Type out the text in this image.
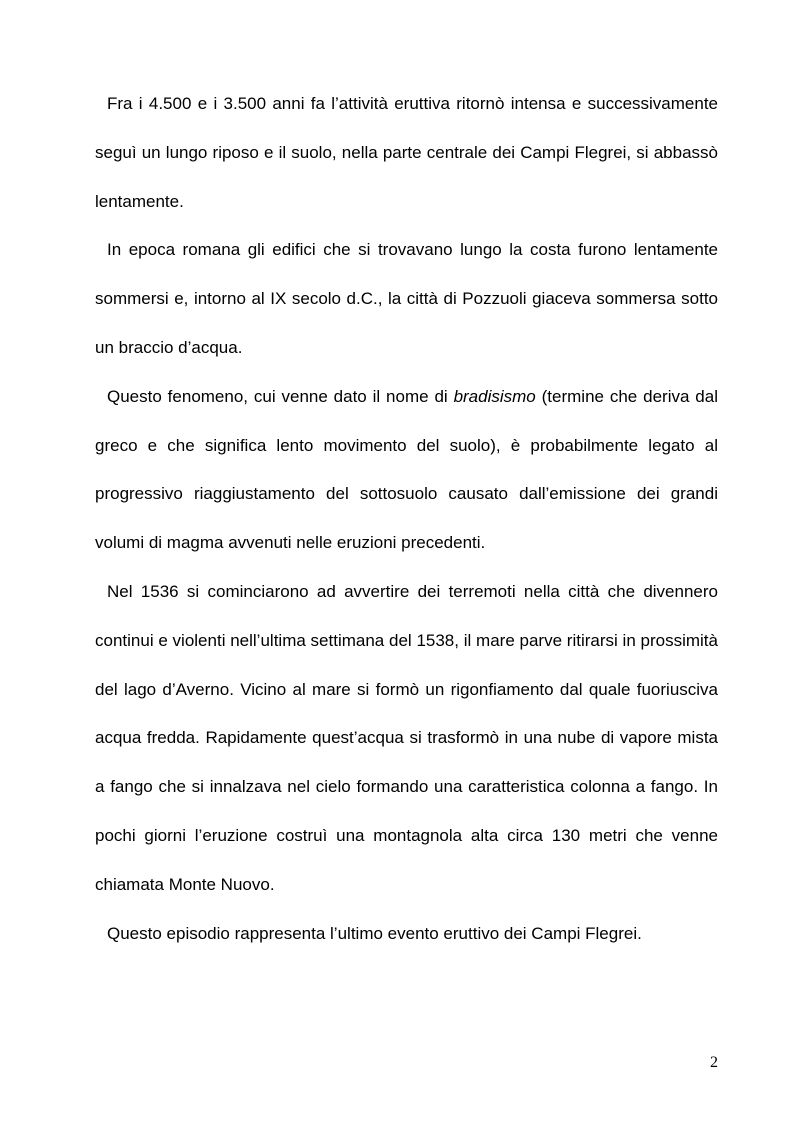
Fra i 4.500 e i 3.500 anni fa l’attività eruttiva ritornò intensa e successivamente seguì un lungo riposo e il suolo, nella parte centrale dei Campi Flegrei, si abbassò lentamente.

In epoca romana gli edifici che si trovavano lungo la costa furono lentamente sommersi e, intorno al IX secolo d.C., la città di Pozzuoli giaceva sommersa sotto un braccio d’acqua.

Questo fenomeno, cui venne dato il nome di bradisismo (termine che deriva dal greco e che significa lento movimento del suolo), è probabilmente legato al progressivo riaggiustamento del sottosuolo causato dall’emissione dei grandi volumi di magma avvenuti nelle eruzioni precedenti.

Nel 1536 si cominciarono ad avvertire dei terremoti nella città che divennero continui e violenti nell’ultima settimana del 1538, il mare parve ritirarsi in prossimità del lago d’Averno. Vicino al mare si formò un rigonfiamento dal quale fuoriusciva acqua fredda. Rapidamente quest’acqua si trasformò in una nube di vapore mista a fango che si innalzava nel cielo formando una caratteristica colonna a fango. In pochi giorni l’eruzione costruì una montagnola alta circa 130 metri che venne chiamata Monte Nuovo.

Questo episodio rappresenta l’ultimo evento eruttivo dei Campi Flegrei.

2
